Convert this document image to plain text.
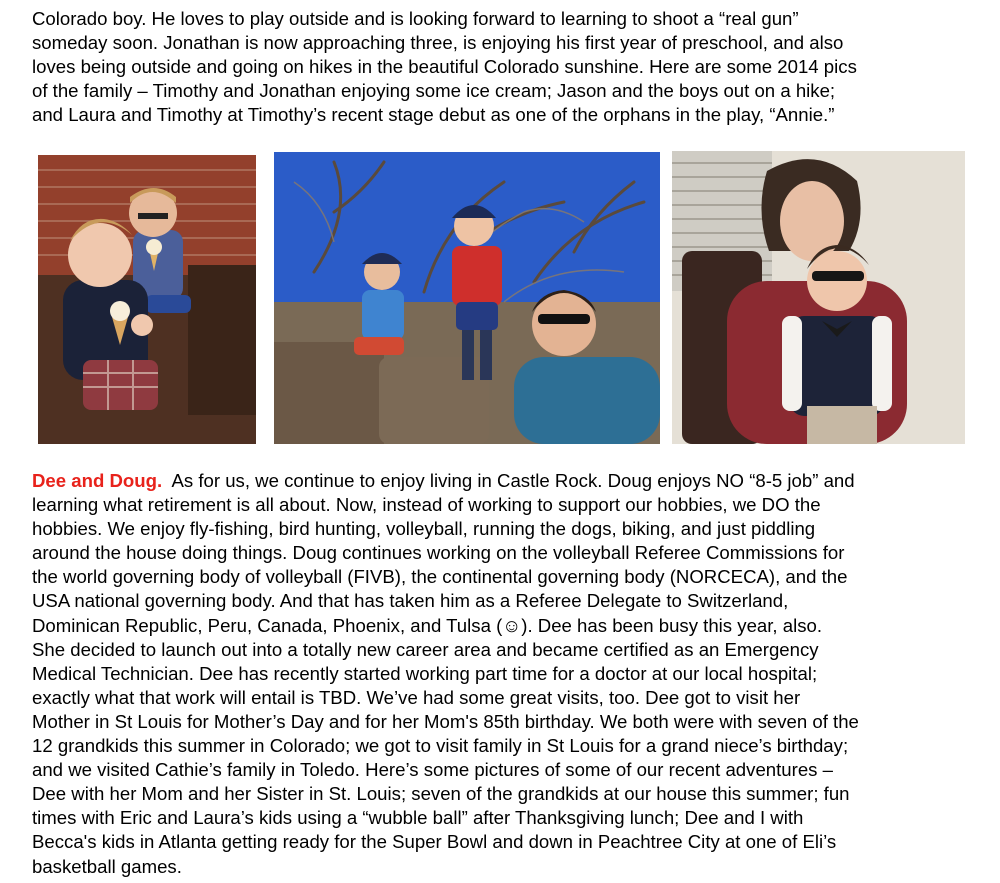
Colorado boy. He loves to play outside and is looking forward to learning to shoot a “real gun”
someday soon. Jonathan is now approaching three, is enjoying his first year of preschool, and also
loves being outside and going on hikes in the beautiful Colorado sunshine. Here are some 2014 pics
of the family – Timothy and Jonathan enjoying some ice cream; Jason and the boys out on a hike;
and Laura and Timothy at Timothy’s recent stage debut as one of the orphans in the play, “Annie.”
Dee and Doug.  As for us, we continue to enjoy living in Castle Rock. Doug enjoys NO “8-5 job” and
learning what retirement is all about. Now, instead of working to support our hobbies, we DO the
hobbies. We enjoy fly-fishing, bird hunting, volleyball, running the dogs, biking, and just piddling
around the house doing things. Doug continues working on the volleyball Referee Commissions for
the world governing body of volleyball (FIVB), the continental governing body (NORCECA), and the
USA national governing body. And that has taken him as a Referee Delegate to Switzerland,
Dominican Republic, Peru, Canada, Phoenix, and Tulsa (☺). Dee has been busy this year, also.
She decided to launch out into a totally new career area and became certified as an Emergency
Medical Technician. Dee has recently started working part time for a doctor at our local hospital;
exactly what that work will entail is TBD. We’ve had some great visits, too. Dee got to visit her
Mother in St Louis for Mother’s Day and for her Mom's 85th birthday. We both were with seven of the
12 grandkids this summer in Colorado; we got to visit family in St Louis for a grand niece’s birthday;
and we visited Cathie’s family in Toledo. Here’s some pictures of some of our recent adventures –
Dee with her Mom and her Sister in St. Louis; seven of the grandkids at our house this summer; fun
times with Eric and Laura’s kids using a “wubble ball” after Thanksgiving lunch; Dee and I with
Becca's kids in Atlanta getting ready for the Super Bowl and down in Peachtree City at one of Eli’s
basketball games.
